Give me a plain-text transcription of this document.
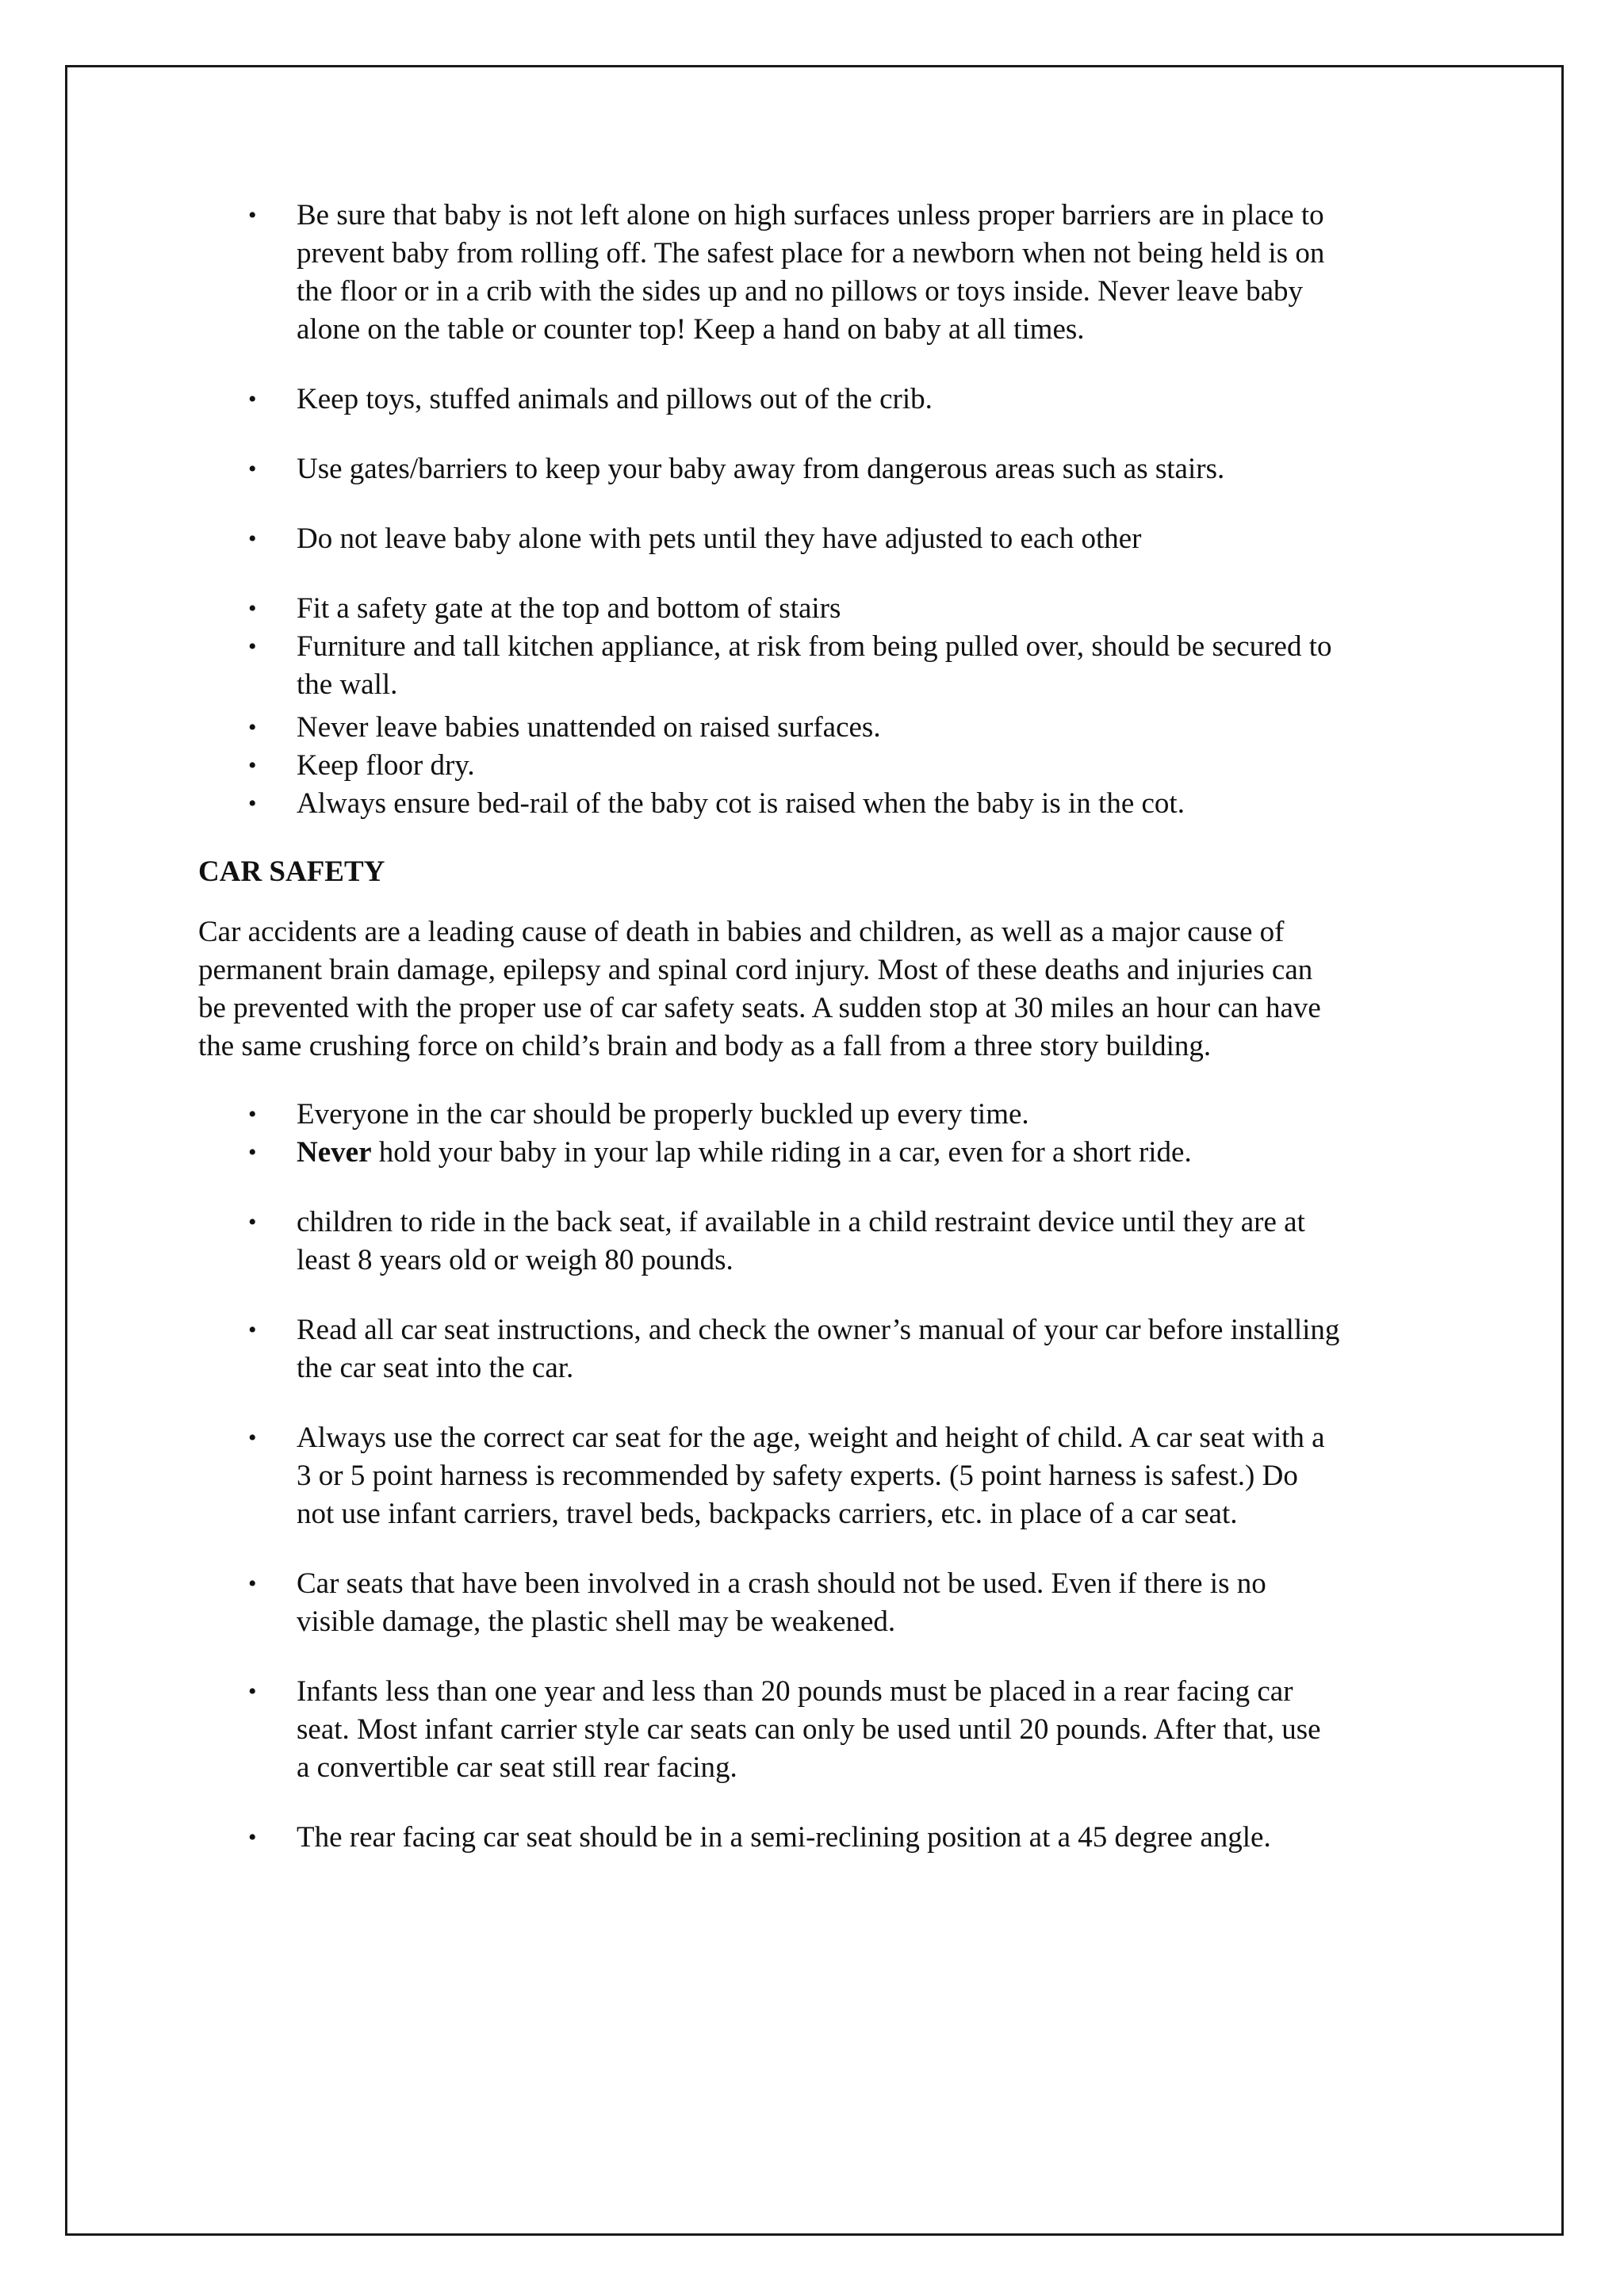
• Be sure that baby is not left alone on high surfaces unless proper barriers are in place to prevent baby from rolling off. The safest place for a newborn when not being held is on the floor or in a crib with the sides up and no pillows or toys inside. Never leave baby alone on the table or counter top! Keep a hand on baby at all times.
• Keep toys, stuffed animals and pillows out of the crib.
• Use gates/barriers to keep your baby away from dangerous areas such as stairs.
• Do not leave baby alone with pets until they have adjusted to each other
• Fit a safety gate at the top and bottom of stairs
• Furniture and tall kitchen appliance, at risk from being pulled over, should be secured to the wall.
• Never leave babies unattended on raised surfaces.
• Keep floor dry.
• Always ensure bed-rail of the baby cot is raised when the baby is in the cot.
CAR SAFETY

Car accidents are a leading cause of death in babies and children, as well as a major cause of permanent brain damage, epilepsy and spinal cord injury. Most of these deaths and injuries can be prevented with the proper use of car safety seats. A sudden stop at 30 miles an hour can have the same crushing force on child’s brain and body as a fall from a three story building.

• Everyone in the car should be properly buckled up every time.
• Never hold your baby in your lap while riding in a car, even for a short ride.
• children to ride in the back seat, if available in a child restraint device until they are at least 8 years old or weigh 80 pounds.
• Read all car seat instructions, and check the owner’s manual of your car before installing the car seat into the car.
• Always use the correct car seat for the age, weight and height of child. A car seat with a 3 or 5 point harness is recommended by safety experts. (5 point harness is safest.) Do not use infant carriers, travel beds, backpacks carriers, etc. in place of a car seat.
• Car seats that have been involved in a crash should not be used. Even if there is no visible damage, the plastic shell may be weakened.
• Infants less than one year and less than 20 pounds must be placed in a rear facing car seat. Most infant carrier style car seats can only be used until 20 pounds. After that, use a convertible car seat still rear facing.
• The rear facing car seat should be in a semi-reclining position at a 45 degree angle.
